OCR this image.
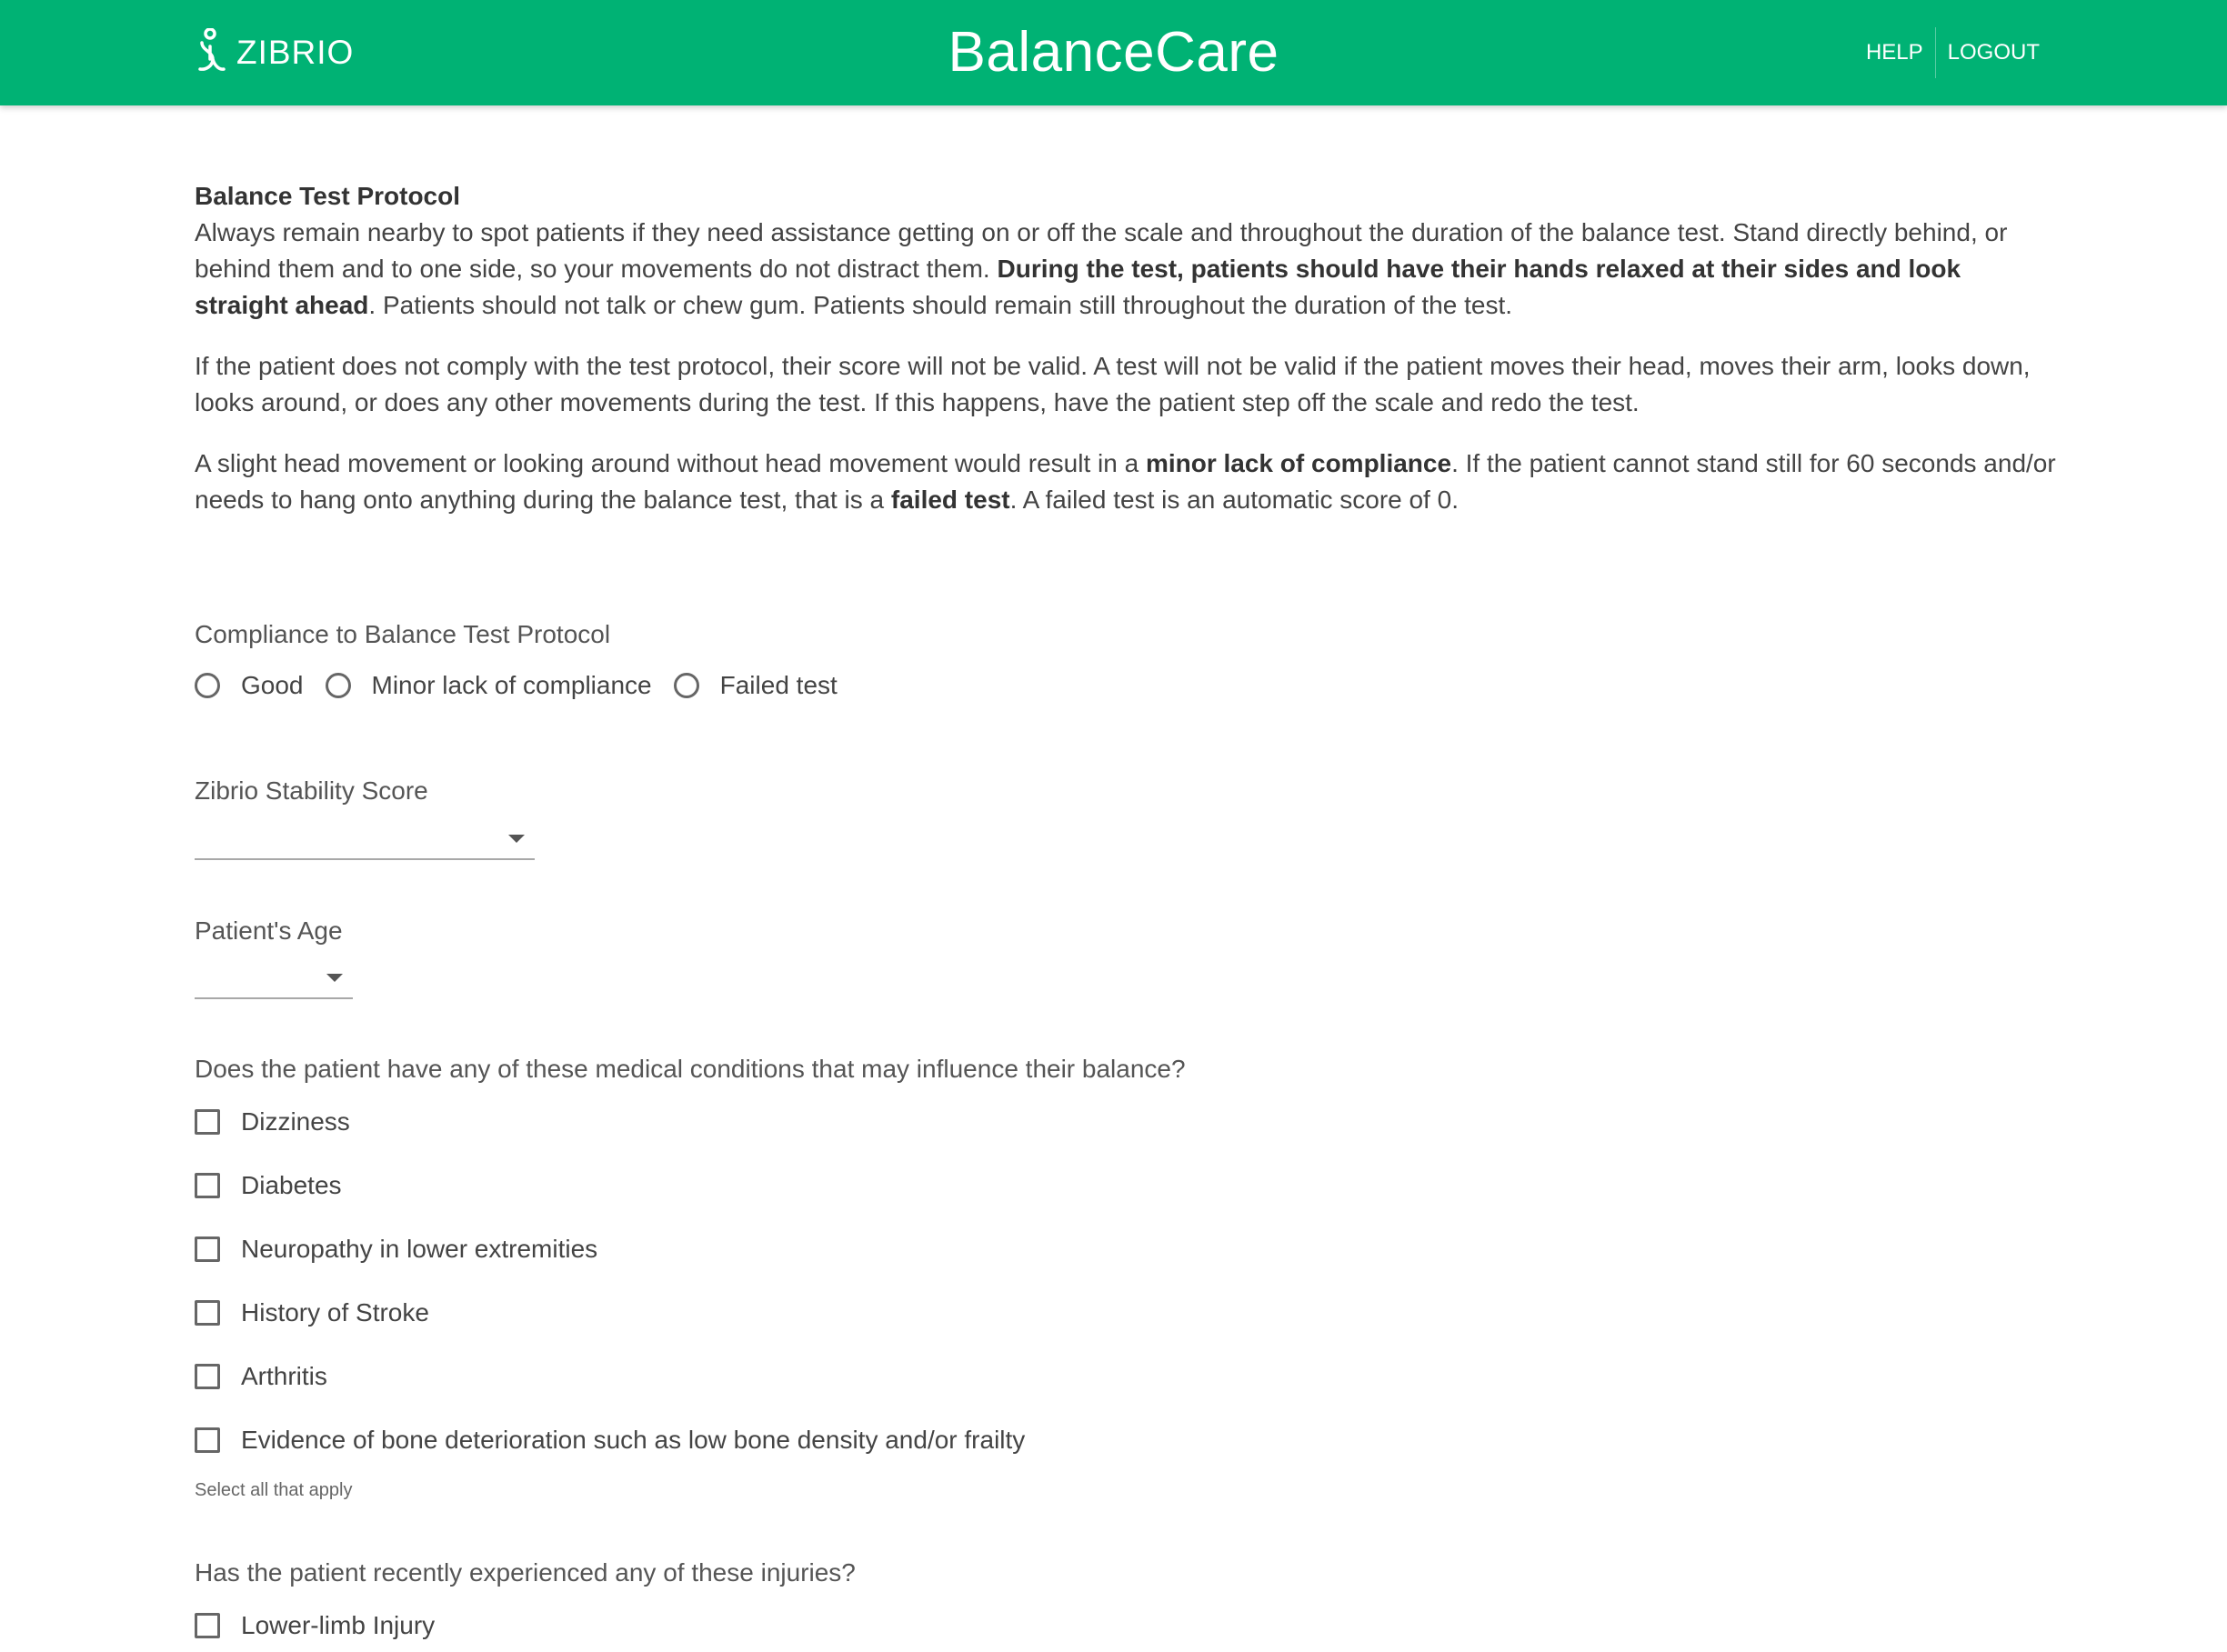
ZIBRIO	BalanceCare	HELP	LOGOUT
Balance Test Protocol

Always remain nearby to spot patients if they need assistance getting on or off the scale and throughout the duration of the balance test. Stand directly behind, or behind them and to one side, so your movements do not distract them. During the test, patients should have their hands relaxed at their sides and look straight ahead. Patients should not talk or chew gum. Patients should remain still throughout the duration of the test.

If the patient does not comply with the test protocol, their score will not be valid. A test will not be valid if the patient moves their head, moves their arm, looks down, looks around, or does any other movements during the test. If this happens, have the patient step off the scale and redo the test.

A slight head movement or looking around without head movement would result in a minor lack of compliance. If the patient cannot stand still for 60 seconds and/or needs to hang onto anything during the balance test, that is a failed test. A failed test is an automatic score of 0.

Compliance to Balance Test Protocol
Good	Minor lack of compliance	Failed test
Zibrio Stability Score
Patient's Age
Does the patient have any of these medical conditions that may influence their balance?
Dizziness
Diabetes
Neuropathy in lower extremities
History of Stroke
Arthritis
Evidence of bone deterioration such as low bone density and/or frailty
Select all that apply
Has the patient recently experienced any of these injuries?
Lower-limb Injury
